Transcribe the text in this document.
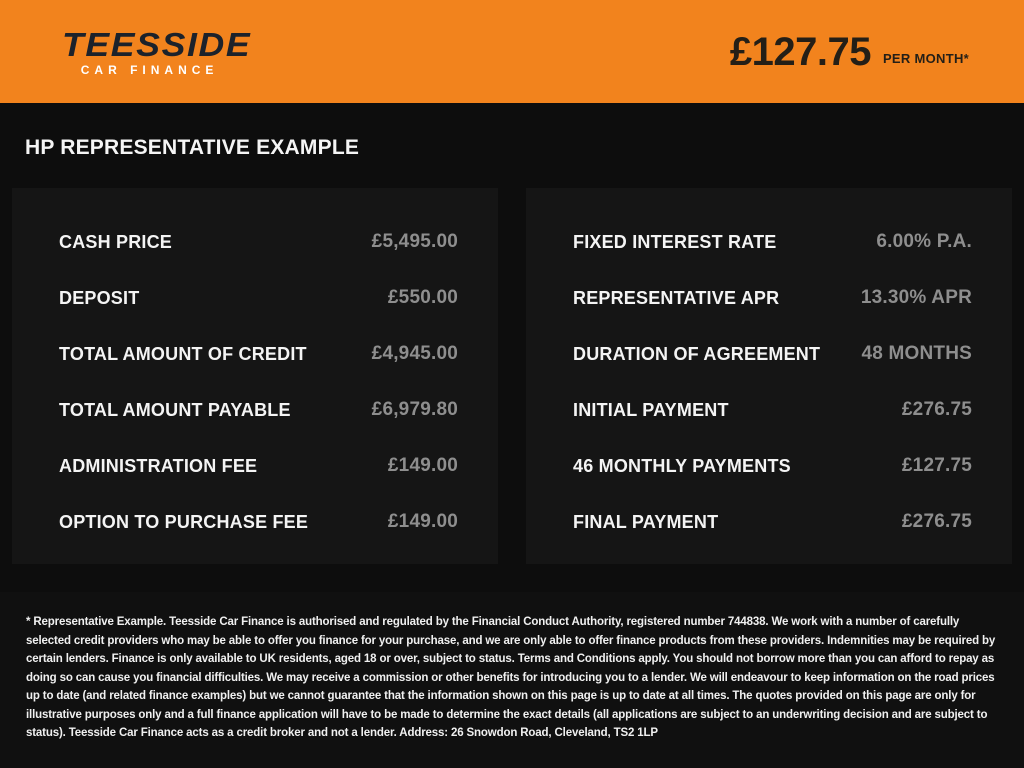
TEESSIDE
CAR FINANCE	£127.75 PER MONTH*
HP REPRESENTATIVE EXAMPLE
CASH PRICE	£5,495.00
DEPOSIT	£550.00
TOTAL AMOUNT OF CREDIT	£4,945.00
TOTAL AMOUNT PAYABLE	£6,979.80
ADMINISTRATION FEE	£149.00
OPTION TO PURCHASE FEE	£149.00
FIXED INTEREST RATE	6.00% P.A.
REPRESENTATIVE APR	13.30% APR
DURATION OF AGREEMENT 48 MONTHS
INITIAL PAYMENT	£276.75
46 MONTHLY PAYMENTS	£127.75
FINAL PAYMENT	£276.75

* Representative Example. Teesside Car Finance is authorised and regulated by the Financial Conduct Authority, registered number 744838. We work with a number of carefully selected credit providers who may be able to offer you finance for your purchase, and we are only able to offer finance products from these providers. Indemnities may be required by certain lenders. Finance is only available to UK residents, aged 18 or over, subject to status. Terms and Conditions apply. You should not borrow more than you can afford to repay as doing so can cause you financial difficulties. We may receive a commission or other benefits for introducing you to a lender. We will endeavour to keep information on the road prices up to date (and related finance examples) but we cannot guarantee that the information shown on this page is up to date at all times. The quotes provided on this page are only for illustrative purposes only and a full finance application will have to be made to determine the exact details (all applications are subject to an underwriting decision and are subject to status). Teesside Car Finance acts as a credit broker and not a lender. Address: 26 Snowdon Road, Cleveland, TS2 1LP
